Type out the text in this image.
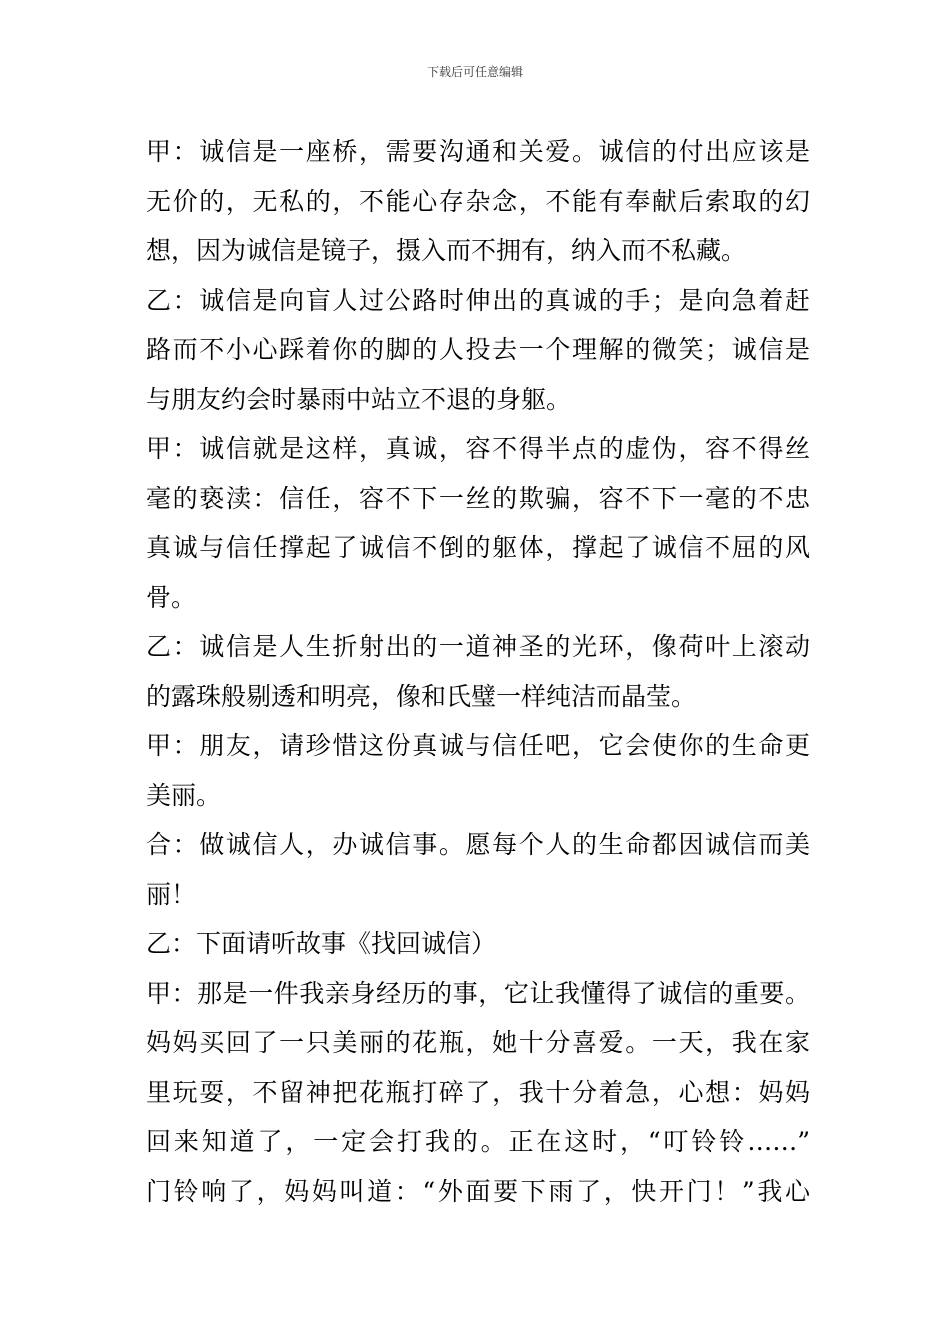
下载后可任意编辑
甲：诚信是一座桥，需要沟通和关爱。诚信的付出应该是
无价的，无私的，不能心存杂念，不能有奉献后索取的幻
想，因为诚信是镜子，摄入而不拥有，纳入而不私藏。
乙：诚信是向盲人过公路时伸出的真诚的手；是向急着赶
路而不小心踩着你的脚的人投去一个理解的微笑；诚信是
与朋友约会时暴雨中站立不退的身躯。
甲：诚信就是这样，真诚，容不得半点的虚伪，容不得丝
毫的亵渎：信任，容不下一丝的欺骗，容不下一毫的不忠
真诚与信任撑起了诚信不倒的躯体，撑起了诚信不屈的风
骨。
乙：诚信是人生折射出的一道神圣的光环，像荷叶上滚动
的露珠般剔透和明亮，像和氏璧一样纯洁而晶莹。
甲：朋友，请珍惜这份真诚与信任吧，它会使你的生命更
美丽。
合：做诚信人，办诚信事。愿每个人的生命都因诚信而美
丽！
乙：下面请听故事《找回诚信）
甲：那是一件我亲身经历的事，它让我懂得了诚信的重要。
妈妈买回了一只美丽的花瓶，她十分喜爱。一天，我在家
里玩耍，不留神把花瓶打碎了，我十分着急，心想：妈妈
回来知道了，一定会打我的。正在这时，“叮铃铃……”
门铃响了，妈妈叫道：“外面要下雨了，快开门！”我心
